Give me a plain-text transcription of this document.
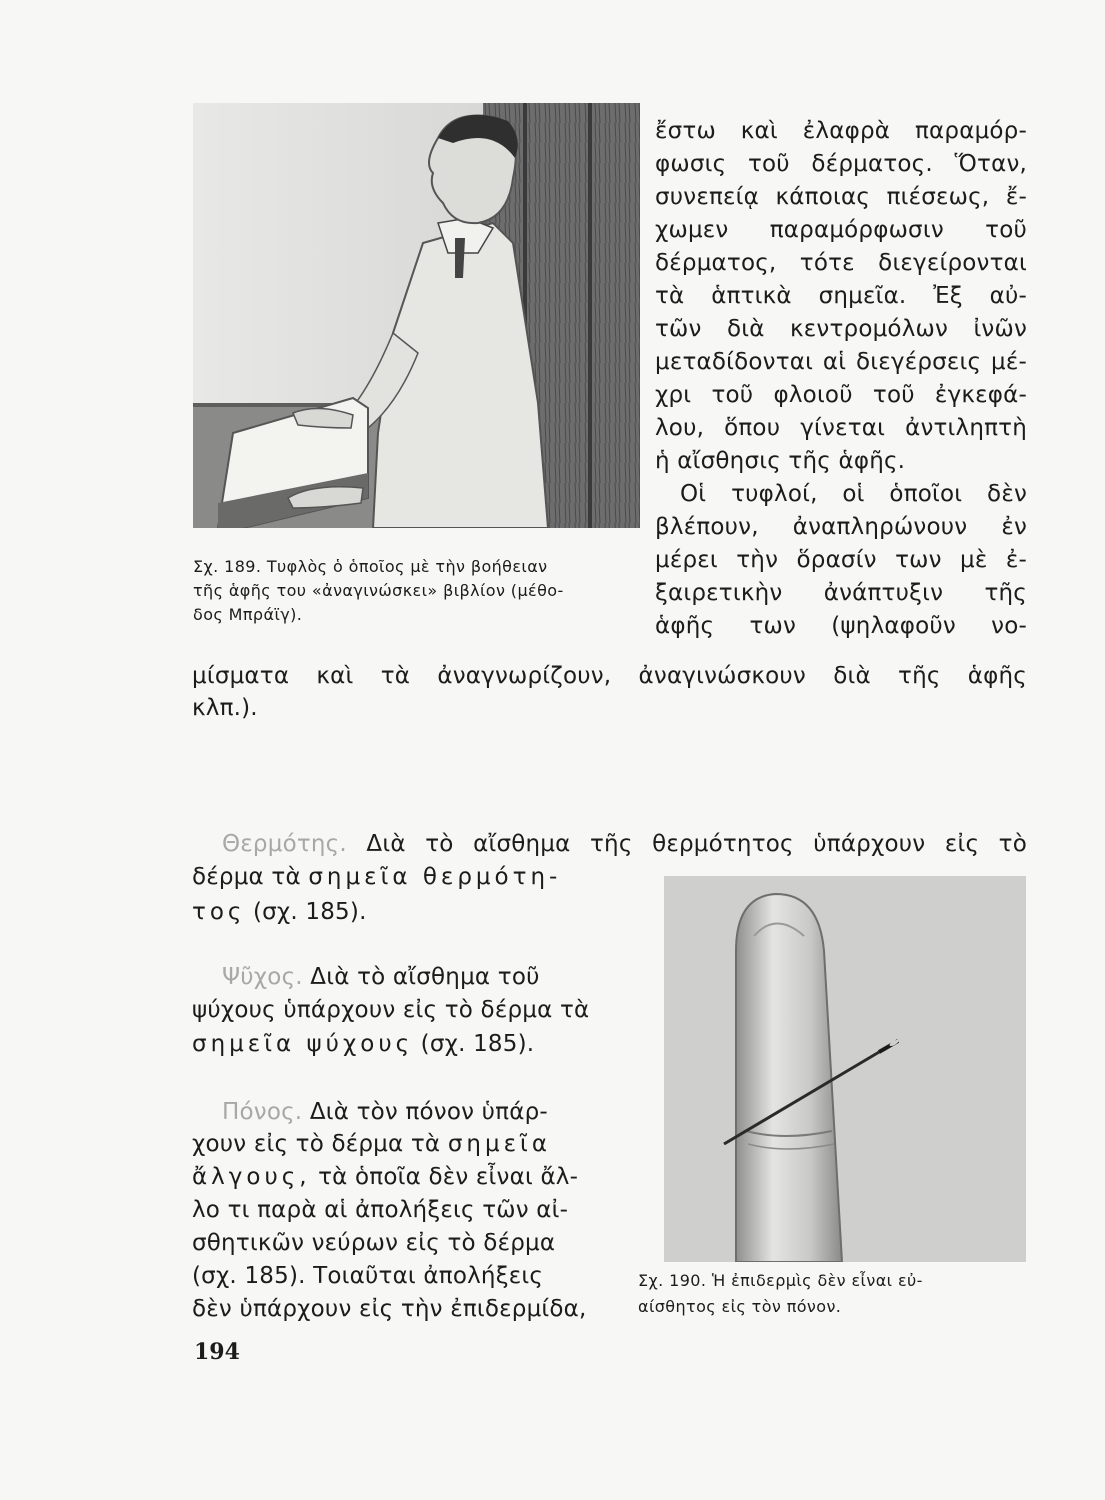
Σχ. 189. Τυφλὸς ὁ ὁποῖος μὲ τὴν βοήθειαν
τῆς ἁφῆς του «ἀναγινώσκει» βιβλίον (μέθο-
δος Μπράϊγ).
ἔστω καὶ ἐλαφρὰ παραμόρ-
φωσις τοῦ δέρματος. Ὅταν,
συνεπείᾳ κάποιας πιέσεως, ἔ-
χωμεν παραμόρφωσιν τοῦ
δέρματος, τότε διεγείρονται
τὰ ἁπτικὰ σημεῖα. Ἐξ αὐ-
τῶν διὰ κεντρομόλων ἰνῶν
μεταδίδονται αἱ διεγέρσεις μέ-
χρι τοῦ φλοιοῦ τοῦ ἐγκεφά-
λου, ὅπου γίνεται ἀντιληπτὴ
ἡ αἴσθησις τῆς ἁφῆς.
Οἱ τυφλοί, οἱ ὁποῖοι δὲν
βλέπουν, ἀναπληρώνουν ἐν
μέρει τὴν ὅρασίν των μὲ ἐ-
ξαιρετικὴν ἀνάπτυξιν τῆς
ἁφῆς των (ψηλαφοῦν νο-
μίσματα καὶ τὰ ἀναγνωρίζουν, ἀναγινώσκουν διὰ τῆς ἁφῆς
κλπ.).
Θερμότης. Διὰ τὸ αἴσθημα τῆς θερμότητος ὑπάρχουν εἰς τὸ
δέρμα τὰ σημεῖα θερμότη-
τος (σχ. 185).
Ψῦχος. Διὰ τὸ αἴσθημα τοῦ
ψύχους ὑπάρχουν εἰς τὸ δέρμα τὰ
σημεῖα ψύχους (σχ. 185).
Πόνος. Διὰ τὸν πόνον ὑπάρ-
χουν εἰς τὸ δέρμα τὰ σημεῖα
ἄλγους, τὰ ὁποῖα δὲν εἶναι ἄλ-
λο τι παρὰ αἱ ἀπολήξεις τῶν αἰ-
σθητικῶν νεύρων εἰς τὸ δέρμα
(σχ. 185). Τοιαῦται ἀπολήξεις
δὲν ὑπάρχουν εἰς τὴν ἐπιδερμίδα,
Σχ. 190. Ἡ ἐπιδερμὶς δὲν εἶναι εὐ-
αίσθητος εἰς τὸν πόνον.
194
